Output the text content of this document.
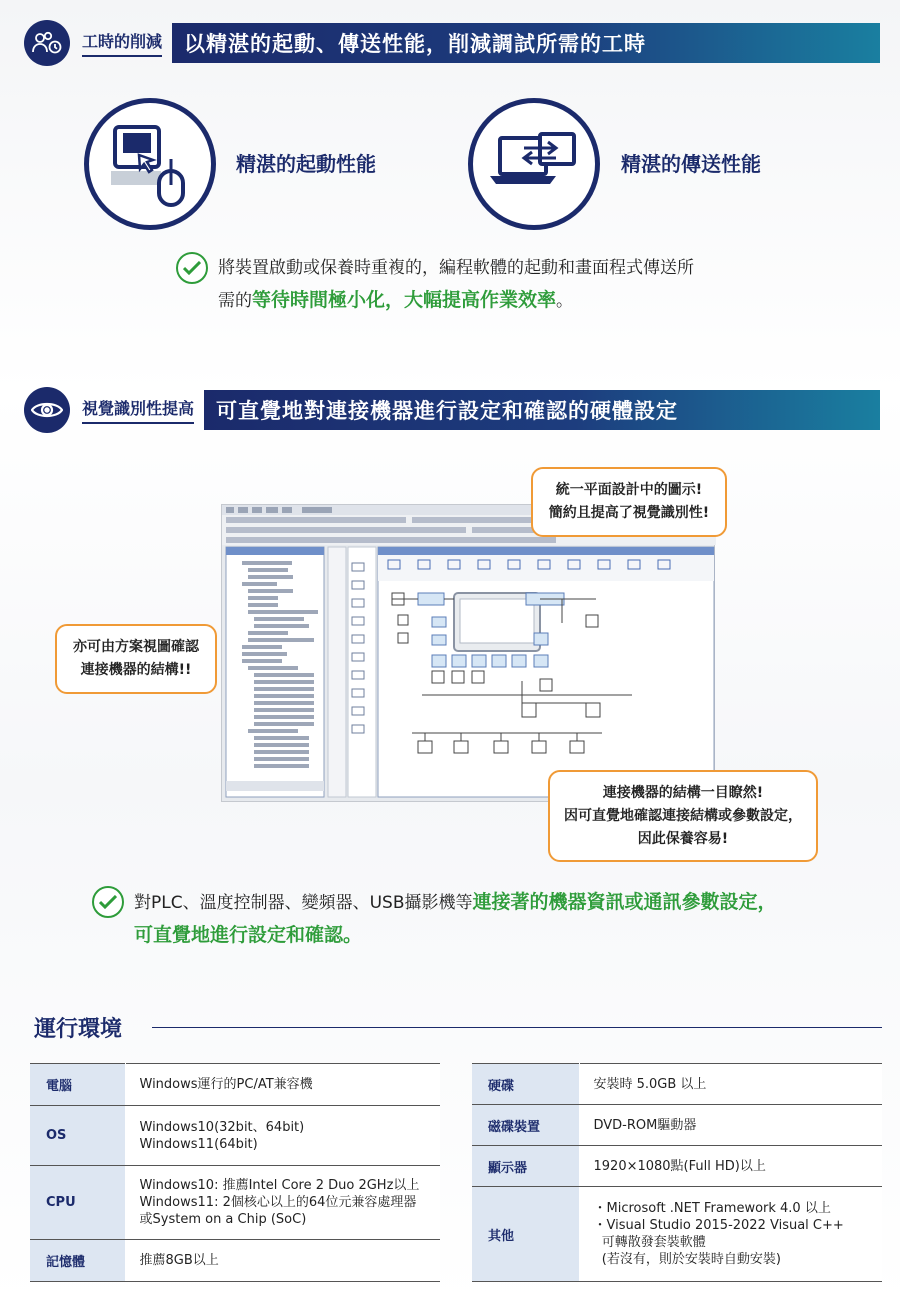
工時的削減	以精湛的起動、傳送性能，削減調試所需的工時
精湛的起動性能	精湛的傳送性能
將裝置啟動或保養時重複的，編程軟體的起動和畫面程式傳送所
需的等待時間極小化，大幅提高作業效率。
視覺識別性提高	可直覺地對連接機器進行設定和確認的硬體設定
統一平面設計中的圖示!
簡約且提高了視覺識別性!
亦可由方案視圖確認
連接機器的結構!!
連接機器的結構一目瞭然!
因可直覺地確認連接結構或參數設定，
因此保養容易!
對PLC、溫度控制器、變頻器、USB攝影機等連接著的機器資訊或通訊參數設定，
可直覺地進行設定和確認。
運行環境
電腦	Windows運行的PC/AT兼容機

OS	Windows10(32bit、64bit)
Windows11(64bit)

CPU	Windows10: 推薦Intel Core 2 Duo 2GHz以上
Windows11: 2個核心以上的64位元兼容處理器
或System on a Chip (SoC)

記憶體	推薦8GB以上
硬碟	安裝時 5.0GB 以上

磁碟裝置	DVD-ROM驅動器

顯示器	1920×1080點(Full HD)以上

其他	・Microsoft .NET Framework 4.0 以上
・Visual Studio 2015-2022 Visual C++
可轉散發套裝軟體
(若沒有，則於安裝時自動安裝)
